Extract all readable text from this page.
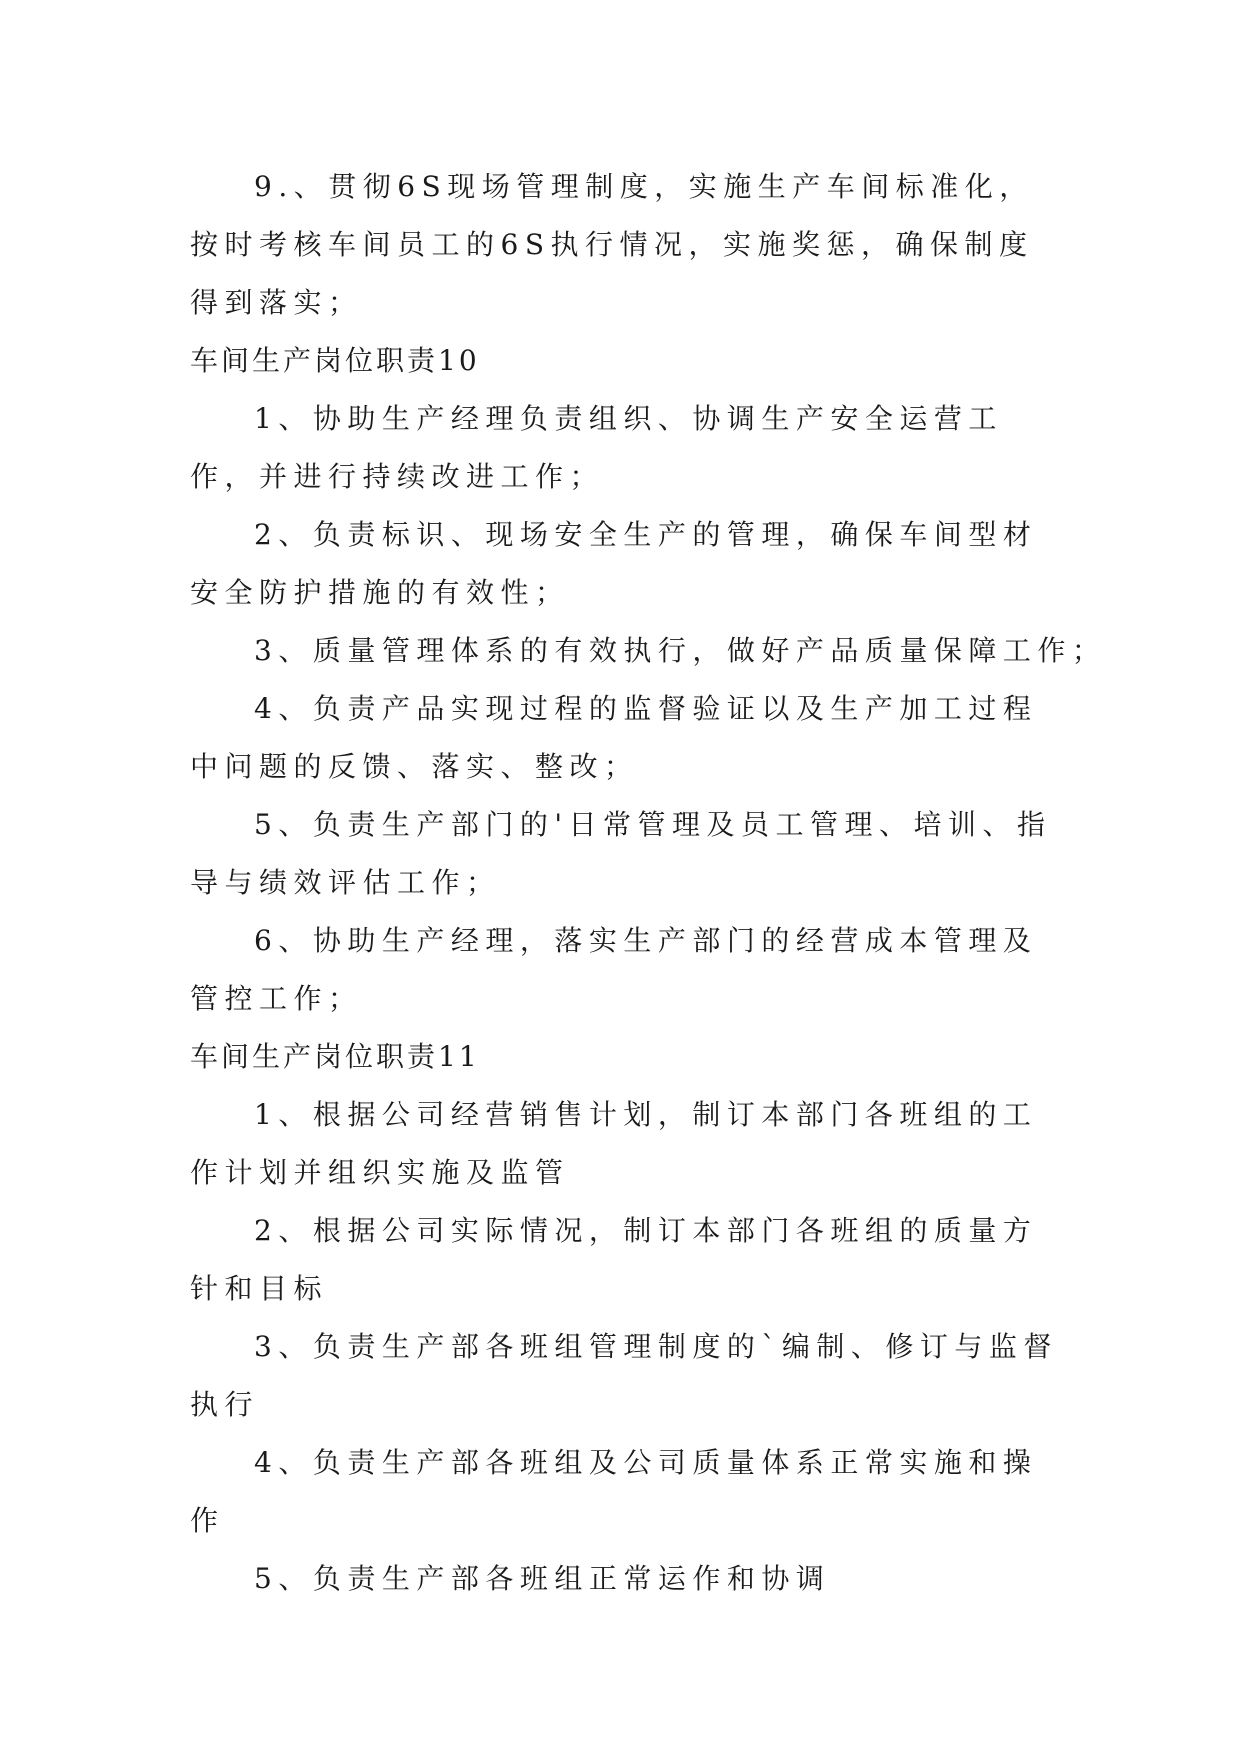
9.、贯彻6S现场管理制度，实施生产车间标准化，按时考核车间员工的6S执行情况，实施奖惩，确保制度得到落实；

车间生产岗位职责10

1、协助生产经理负责组织、协调生产安全运营工作，并进行持续改进工作；

2、负责标识、现场安全生产的管理，确保车间型材安全防护措施的有效性；

3、质量管理体系的有效执行，做好产品质量保障工作；

4、负责产品实现过程的监督验证以及生产加工过程中问题的反馈、落实、整改；

5、负责生产部门的'日常管理及员工管理、培训、指导与绩效评估工作；

6、协助生产经理，落实生产部门的经营成本管理及管控工作；

车间生产岗位职责11

1、根据公司经营销售计划，制订本部门各班组的工作计划并组织实施及监管

2、根据公司实际情况，制订本部门各班组的质量方针和目标

3、负责生产部各班组管理制度的`编制、修订与监督执行

4、负责生产部各班组及公司质量体系正常实施和操作

5、负责生产部各班组正常运作和协调
